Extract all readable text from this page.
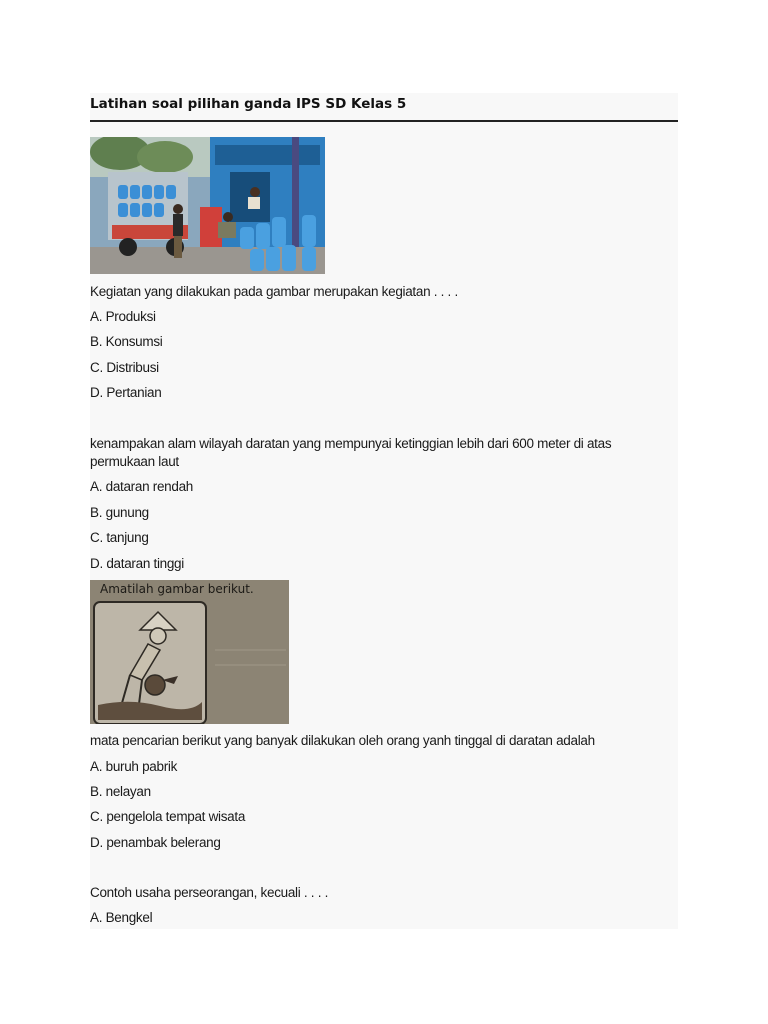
Latihan soal pilihan ganda IPS SD Kelas 5
Kegiatan yang dilakukan pada gambar merupakan kegiatan . . . .
A. Produksi
B. Konsumsi
C. Distribusi
D. Pertanian
kenampakan alam wilayah daratan yang mempunyai ketinggian lebih dari 600 meter di atas permukaan laut
A. dataran rendah
B. gunung
C. tanjung
D. dataran tinggi
Amatilah gambar berikut.
mata pencarian berikut yang banyak dilakukan oleh orang yanh tinggal di daratan adalah
A. buruh pabrik
B. nelayan
C. pengelola tempat wisata
D. penambak belerang
Contoh usaha perseorangan, kecuali . . . .
A. Bengkel
